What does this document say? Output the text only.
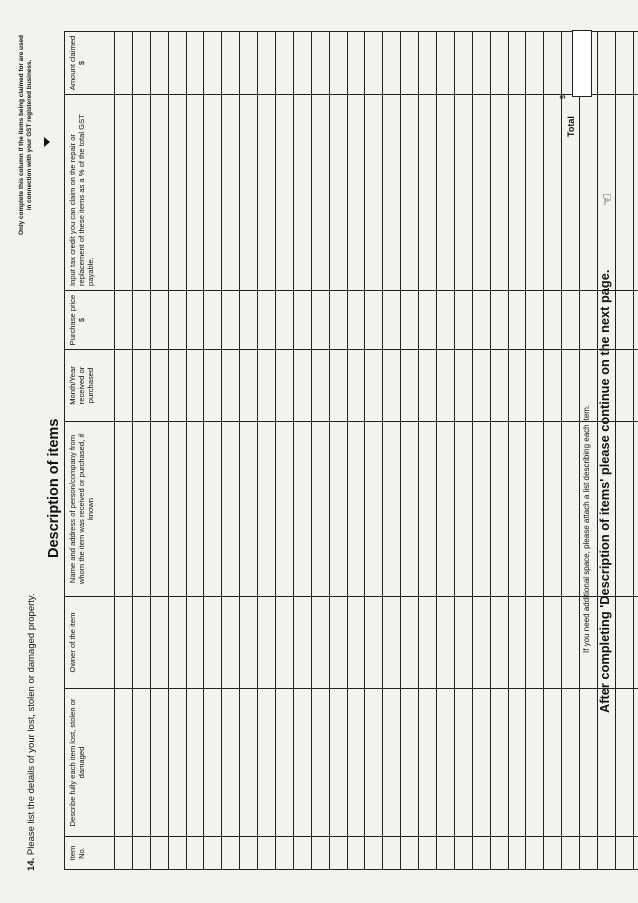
14. Please list the details of your lost, stolen or damaged property.
Description of items
Only complete this column if the items being claimed for are used in connection with your GST registered business.
Item No.	Describe fully each item lost, stolen or damaged	Owner of the item	Name and address of person/company from whom the item was received or purchased, if known	Month/Year received or purchased	Purchase price $	Input tax credit you can claim on the repair or replacement of these items as a % of the total GST payable.	Amount claimed $

Total
$
If you need additional space, please attach a list describing each item. After completing 'Description of items' please continue on the next page.
☜
